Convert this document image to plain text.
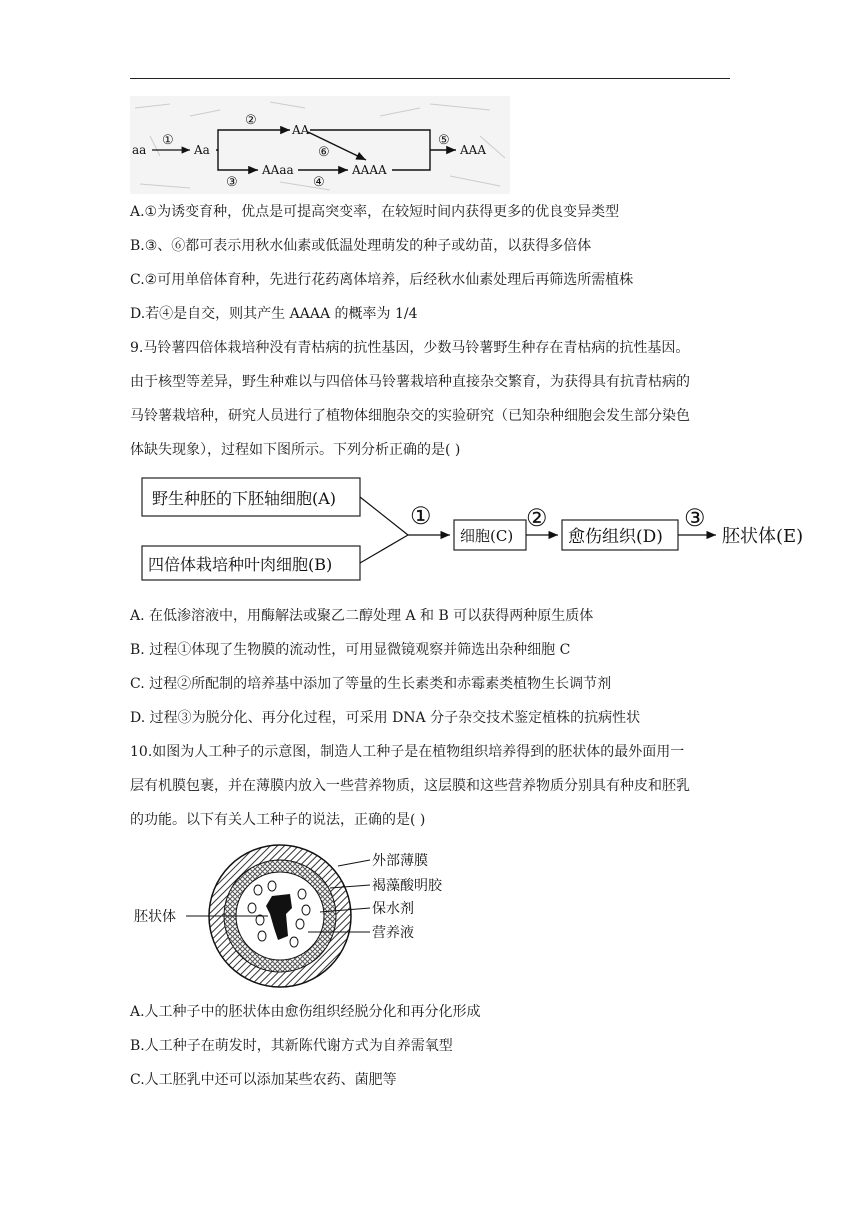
aa
①
Aa
②
AA
③
AAaa
④
AAAA
⑥
⑤
AAA
A.①为诱变育种，优点是可提高突变率，在较短时间内获得更多的优良变异类型
B.③、⑥都可表示用秋水仙素或低温处理萌发的种子或幼苗，以获得多倍体
C.②可用单倍体育种，先进行花药离体培养，后经秋水仙素处理后再筛选所需植株
D.若④是自交，则其产生 AAAA 的概率为 1/4
9.马铃薯四倍体栽培种没有青枯病的抗性基因，少数马铃薯野生种存在青枯病的抗性基因。
由于核型等差异，野生种难以与四倍体马铃薯栽培种直接杂交繁育，为获得具有抗青枯病的
马铃薯栽培种，研究人员进行了植物体细胞杂交的实验研究（已知杂种细胞会发生部分染色
体缺失现象），过程如下图所示。下列分析正确的是( )
野生种胚的下胚轴细胞(A)
四倍体栽培种叶肉细胞(B)
①
细胞(C)
②
愈伤组织(D)
③
胚状体(E)
A. 在低渗溶液中，用酶解法或聚乙二醇处理 A 和 B 可以获得两种原生质体
B. 过程①体现了生物膜的流动性，可用显微镜观察并筛选出杂种细胞 C
C. 过程②所配制的培养基中添加了等量的生长素类和赤霉素类植物生长调节剂
D. 过程③为脱分化、再分化过程，可采用 DNA 分子杂交技术鉴定植株的抗病性状
10.如图为人工种子的示意图，制造人工种子是在植物组织培养得到的胚状体的最外面用一
层有机膜包裹，并在薄膜内放入一些营养物质，这层膜和这些营养物质分别具有种皮和胚乳
的功能。以下有关人工种子的说法，正确的是( )
胚状体
外部薄膜
褐藻酸明胶
保水剂
营养液
A.人工种子中的胚状体由愈伤组织经脱分化和再分化形成
B.人工种子在萌发时，其新陈代谢方式为自养需氧型
C.人工胚乳中还可以添加某些农药、菌肥等
